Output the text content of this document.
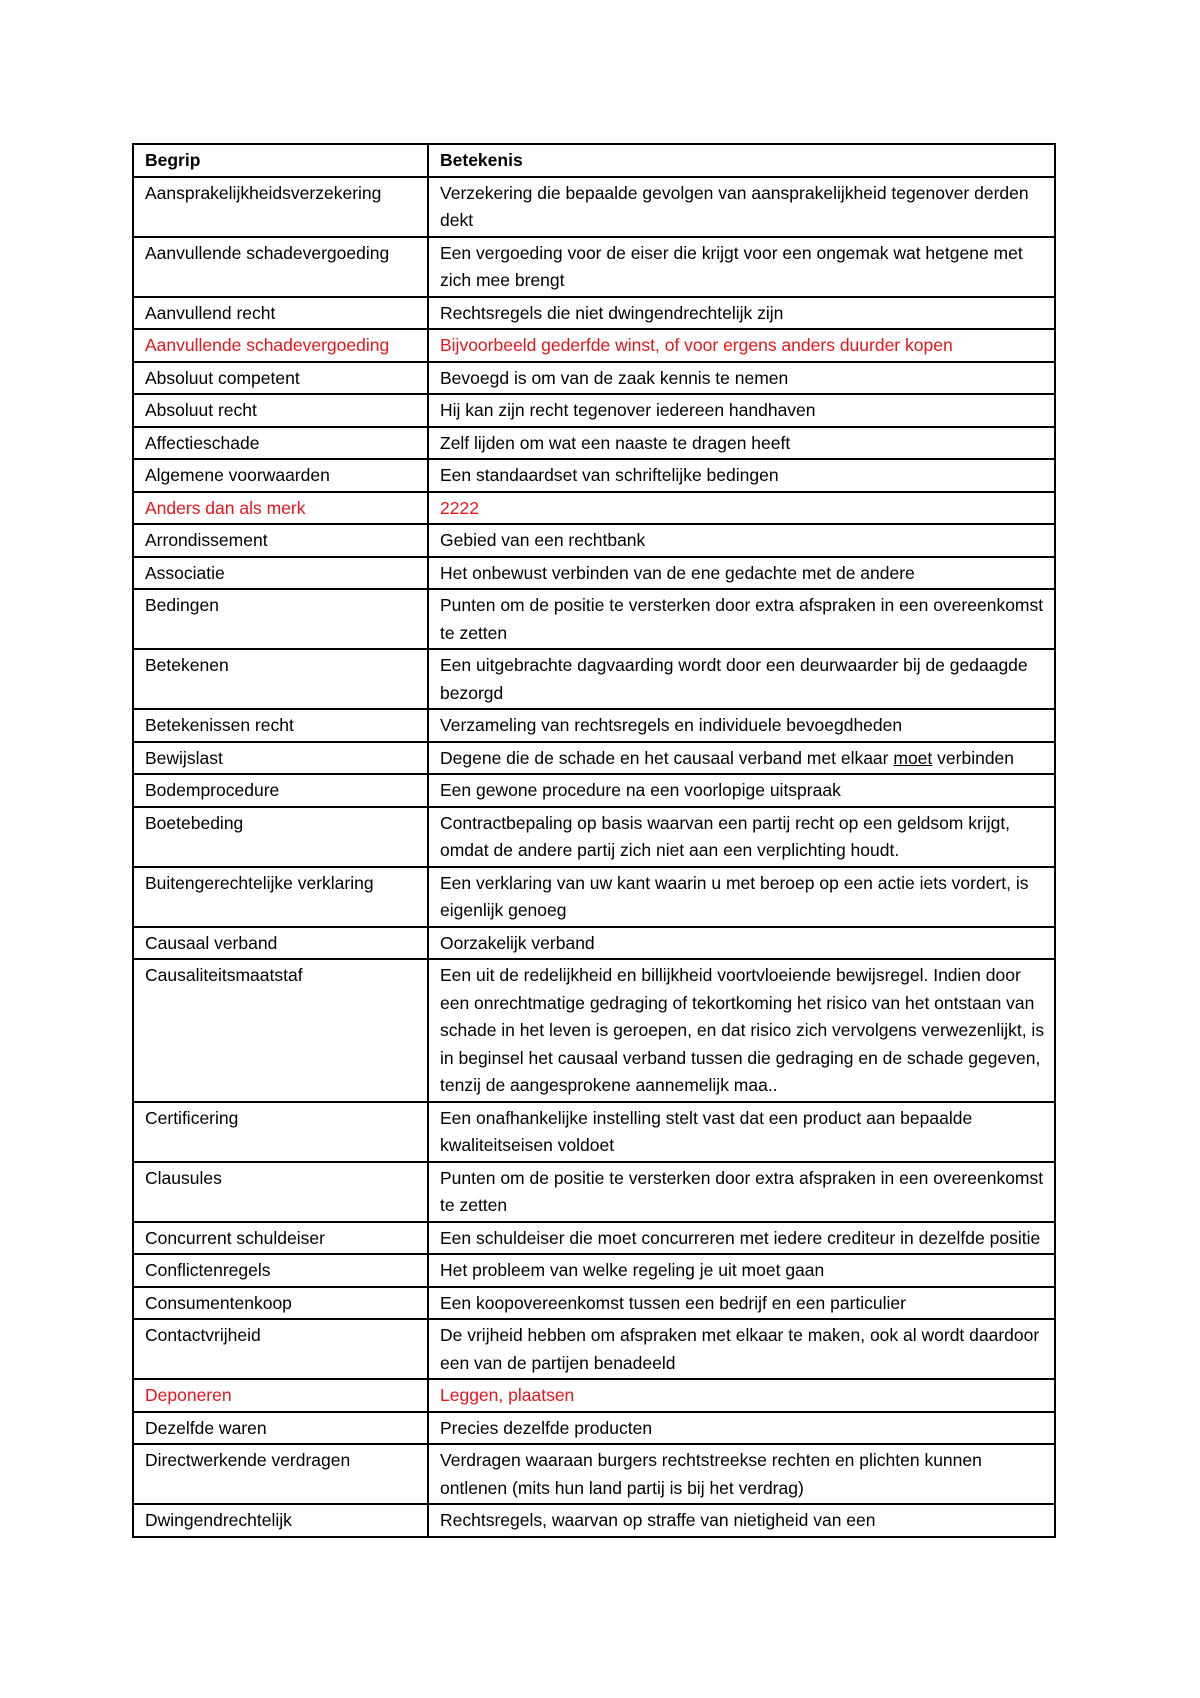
Begrip	Betekenis
Aansprakelijkheidsverzekering	Verzekering die bepaalde gevolgen van aansprakelijkheid tegenover derden dekt
Aanvullende schadevergoeding	Een vergoeding voor de eiser die krijgt voor een ongemak wat hetgene met zich mee brengt
Aanvullend recht	Rechtsregels die niet dwingendrechtelijk zijn
Aanvullende schadevergoeding	Bijvoorbeeld gederfde winst, of voor ergens anders duurder kopen
Absoluut competent	Bevoegd is om van de zaak kennis te nemen
Absoluut recht	Hij kan zijn recht tegenover iedereen handhaven
Affectieschade	Zelf lijden om wat een naaste te dragen heeft
Algemene voorwaarden	Een standaardset van schriftelijke bedingen
Anders dan als merk	2222
Arrondissement	Gebied van een rechtbank
Associatie	Het onbewust verbinden van de ene gedachte met de andere
Bedingen	Punten om de positie te versterken door extra afspraken in een overeenkomst te zetten
Betekenen	Een uitgebrachte dagvaarding wordt door een deurwaarder bij de gedaagde bezorgd
Betekenissen recht	Verzameling van rechtsregels en individuele bevoegdheden
Bewijslast	Degene die de schade en het causaal verband met elkaar moet verbinden
Bodemprocedure	Een gewone procedure na een voorlopige uitspraak
Boetebeding	Contractbepaling op basis waarvan een partij recht op een geldsom krijgt, omdat de andere partij zich niet aan een verplichting houdt.
Buitengerechtelijke verklaring	Een verklaring van uw kant waarin u met beroep op een actie iets vordert, is eigenlijk genoeg
Causaal verband	Oorzakelijk verband
Causaliteitsmaatstaf	Een uit de redelijkheid en billijkheid voortvloeiende bewijsregel. Indien door een onrechtmatige gedraging of tekortkoming het risico van het ontstaan van schade in het leven is geroepen, en dat risico zich vervolgens verwezenlijkt, is in beginsel het causaal verband tussen die gedraging en de schade gegeven, tenzij de aangesprokene aannemelijk maa..
Certificering	Een onafhankelijke instelling stelt vast dat een product aan bepaalde kwaliteitseisen voldoet
Clausules	Punten om de positie te versterken door extra afspraken in een overeenkomst te zetten
Concurrent schuldeiser	Een schuldeiser die moet concurreren met iedere crediteur in dezelfde positie
Conflictenregels	Het probleem van welke regeling je uit moet gaan
Consumentenkoop	Een koopovereenkomst tussen een bedrijf en een particulier
Contactvrijheid	De vrijheid hebben om afspraken met elkaar te maken, ook al wordt daardoor een van de partijen benadeeld
Deponeren	Leggen, plaatsen
Dezelfde waren	Precies dezelfde producten
Directwerkende verdragen	Verdragen waaraan burgers rechtstreekse rechten en plichten kunnen ontlenen (mits hun land partij is bij het verdrag)
Dwingendrechtelijk	Rechtsregels, waarvan op straffe van nietigheid van een
